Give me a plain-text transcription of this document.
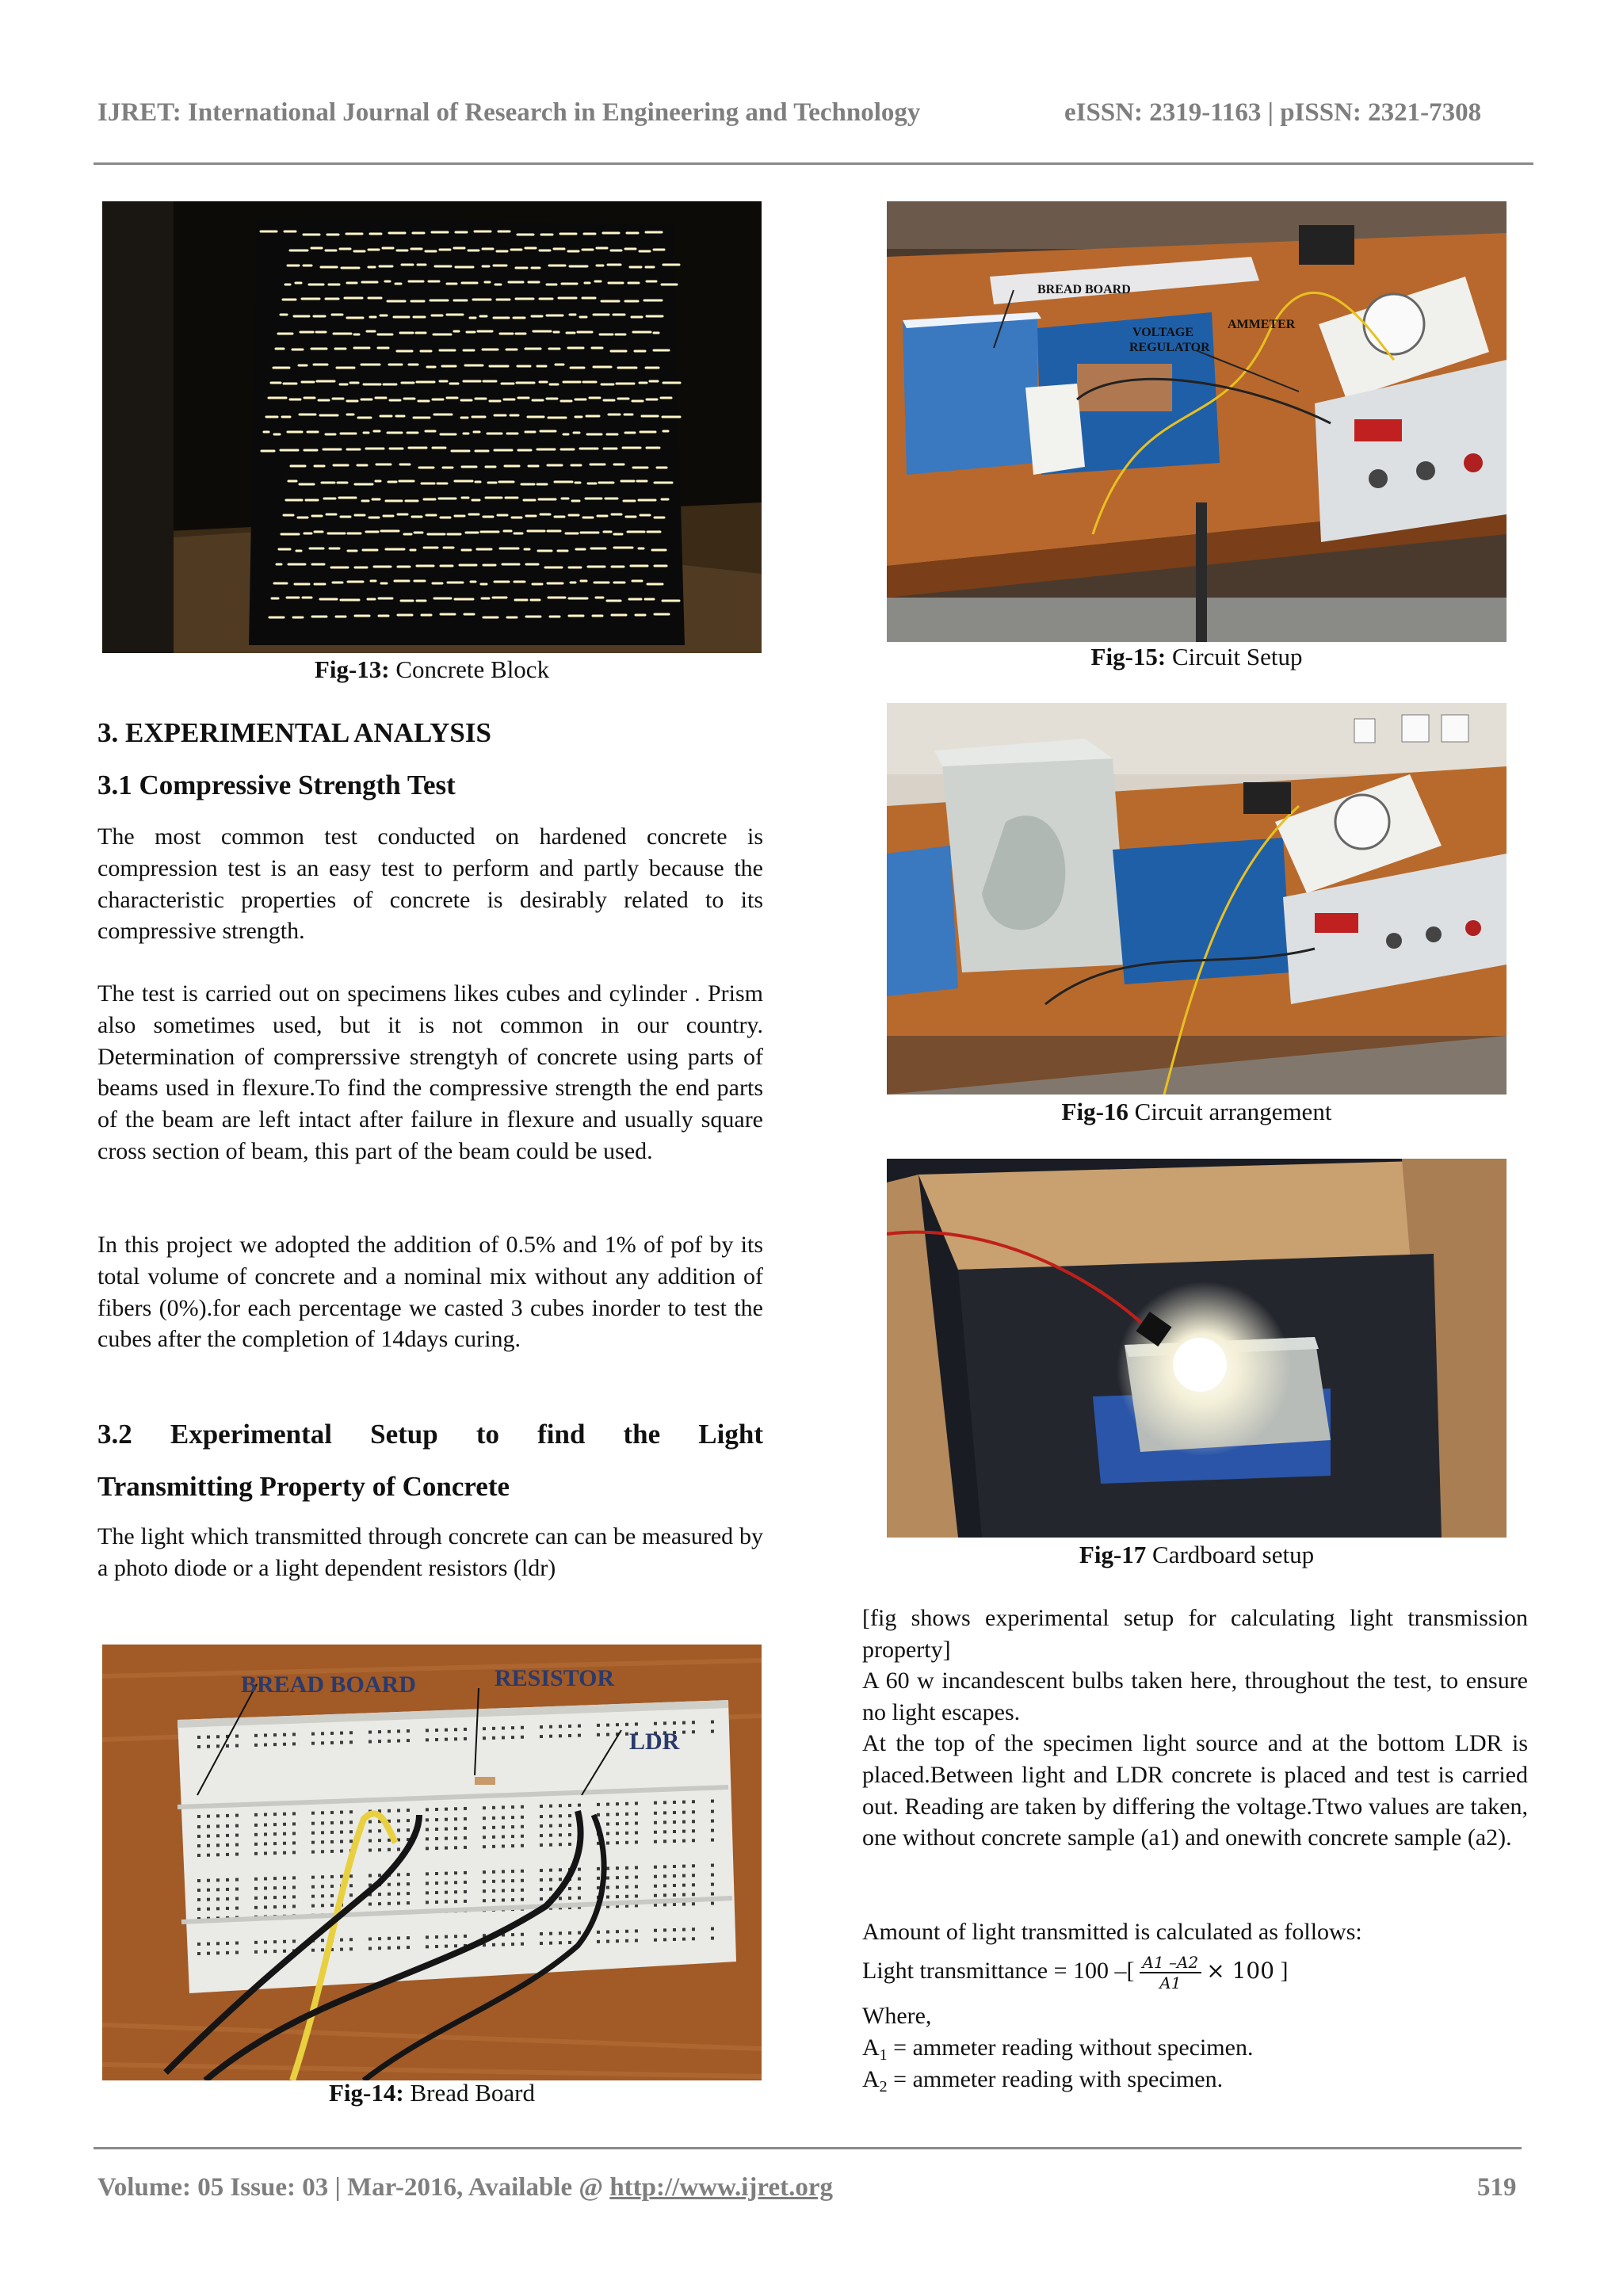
IJRET: International Journal of Research in Engineering and Technology	eISSN: 2319-1163 | pISSN: 2321-7308
Fig-13: Concrete Block
BREAD BOARD
VOLTAGE
REGULATOR
AMMETER
Fig-15: Circuit Setup
3. EXPERIMENTAL ANALYSIS
3.1 Compressive Strength Test
The most common test conducted on hardened concrete is compression test is an easy test to perform and partly because the characteristic properties of concrete is desirably related to its compressive strength.
The test is carried out on specimens likes cubes and cylinder . Prism also sometimes used, but it is not common in our country. Determination of comprerssive strengtyh of concrete using parts of beams used in flexure.To find the compressive strength the end parts of the beam are left intact after failure in flexure and usually square cross section of beam, this part of the beam could be used.
In this project we adopted the addition of 0.5% and 1% of pof by its total volume of concrete and a nominal mix without any addition of fibers (0%).for each percentage we casted 3 cubes inorder to test the cubes after the completion of 14days curing.
3.2 Experimental Setup to find the Light
Transmitting Property of Concrete
The light which transmitted through concrete can can be measured by a photo diode or a light dependent resistors (ldr)
BREAD BOARD	RESISTOR
LDR
Fig-14: Bread Board
Fig-16 Circuit arrangement
Fig-17 Cardboard setup
[fig shows experimental setup for calculating light transmission property]
A 60 w incandescent bulbs taken here, throughout the test, to ensure no light escapes.
At the top of the specimen light source and at the bottom LDR is placed.Between light and LDR concrete is placed and test is carried out. Reading are taken by differing the voltage.Ttwo values are taken, one without concrete sample (a1) and onewith concrete sample (a2).
Amount of light transmitted is calculated as follows:
Light transmittance = 100 –[ $\frac{A1 -A2}{A1} \times 100$ ]
Where,
$A_1$ = ammeter reading without specimen.
$A_2$ = ammeter reading with specimen.
Volume: 05 Issue: 03 | Mar-2016, Available @ http://www.ijret.org	519
